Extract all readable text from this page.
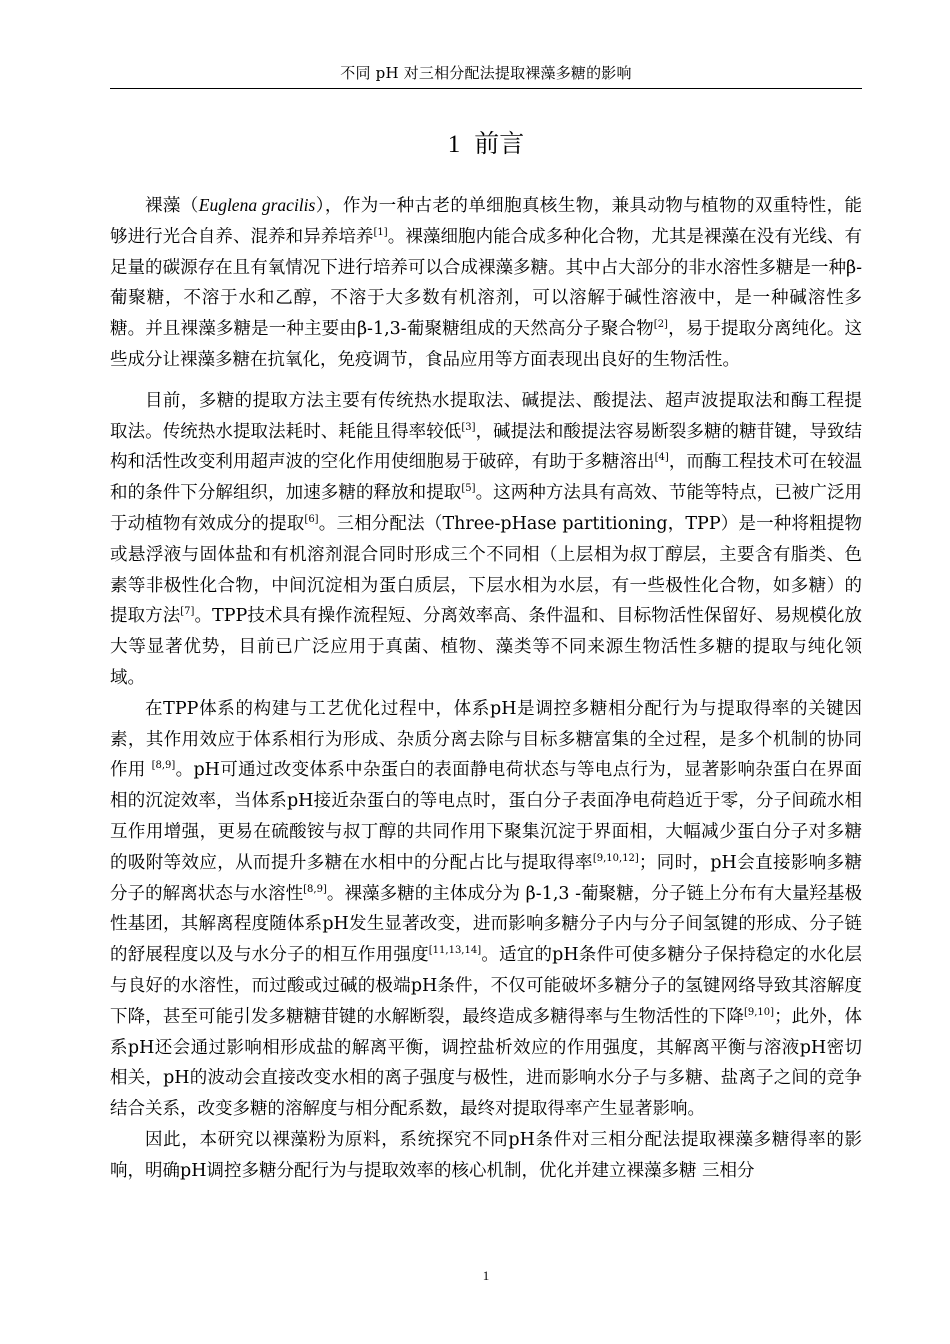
不同 pH 对三相分配法提取裸藻多糖的影响
1 前言

裸藻（Euglena gracilis），作为一种古老的单细胞真核生物，兼具动物与植物的双重特性，能够进行光合自养、混养和异养培养[1]。裸藻细胞内能合成多种化合物，尤其是裸藻在没有光线、有足量的碳源存在且有氧情况下进行培养可以合成裸藻多糖。其中占大部分的非水溶性多糖是一种β-葡聚糖，不溶于水和乙醇，不溶于大多数有机溶剂，可以溶解于碱性溶液中，是一种碱溶性多糖。并且裸藻多糖是一种主要由β-1,3-葡聚糖组成的天然高分子聚合物[2]，易于提取分离纯化。这些成分让裸藻多糖在抗氧化，免疫调节，食品应用等方面表现出良好的生物活性。

目前，多糖的提取方法主要有传统热水提取法、碱提法、酸提法、超声波提取法和酶工程提取法。传统热水提取法耗时、耗能且得率较低[3]，碱提法和酸提法容易断裂多糖的糖苷键，导致结构和活性改变利用超声波的空化作用使细胞易于破碎，有助于多糖溶出[4]，而酶工程技术可在较温和的条件下分解组织，加速多糖的释放和提取[5]。这两种方法具有高效、节能等特点，已被广泛用于动植物有效成分的提取[6]。三相分配法（Three-pHase partitioning，TPP）是一种将粗提物或悬浮液与固体盐和有机溶剂混合同时形成三个不同相（上层相为叔丁醇层，主要含有脂类、色素等非极性化合物，中间沉淀相为蛋白质层，下层水相为水层，有一些极性化合物，如多糖）的提取方法[7]。TPP技术具有操作流程短、分离效率高、条件温和、目标物活性保留好、易规模化放大等显著优势，目前已广泛应用于真菌、植物、藻类等不同来源生物活性多糖的提取与纯化领域。

在TPP体系的构建与工艺优化过程中，体系pH是调控多糖相分配行为与提取得率的关键因素，其作用效应于体系相行为形成、杂质分离去除与目标多糖富集的全过程，是多个机制的协同作用 [8,9]。pH可通过改变体系中杂蛋白的表面静电荷状态与等电点行为，显著影响杂蛋白在界面相的沉淀效率，当体系pH接近杂蛋白的等电点时，蛋白分子表面净电荷趋近于零，分子间疏水相互作用增强，更易在硫酸铵与叔丁醇的共同作用下聚集沉淀于界面相，大幅减少蛋白分子对多糖的吸附等效应，从而提升多糖在水相中的分配占比与提取得率[9,10,12]；同时，pH会直接影响多糖分子的解离状态与水溶性[8,9]。裸藻多糖的主体成分为 β-1,3 -葡聚糖，分子链上分布有大量羟基极性基团，其解离程度随体系pH发生显著改变，进而影响多糖分子内与分子间氢键的形成、分子链的舒展程度以及与水分子的相互作用强度[11,13,14]。适宜的pH条件可使多糖分子保持稳定的水化层与良好的水溶性，而过酸或过碱的极端pH条件，不仅可能破坏多糖分子的氢键网络导致其溶解度下降，甚至可能引发多糖糖苷键的水解断裂，最终造成多糖得率与生物活性的下降[9,10]；此外，体系pH还会通过影响相形成盐的解离平衡，调控盐析效应的作用强度，其解离平衡与溶液pH密切相关，pH的波动会直接改变水相的离子强度与极性，进而影响水分子与多糖、盐离子之间的竞争结合关系，改变多糖的溶解度与相分配系数，最终对提取得率产生显著影响。

因此，本研究以裸藻粉为原料，系统探究不同pH条件对三相分配法提取裸藻多糖得率的影响，明确pH调控多糖分配行为与提取效率的核心机制，优化并建立裸藻多糖 三相分

1
